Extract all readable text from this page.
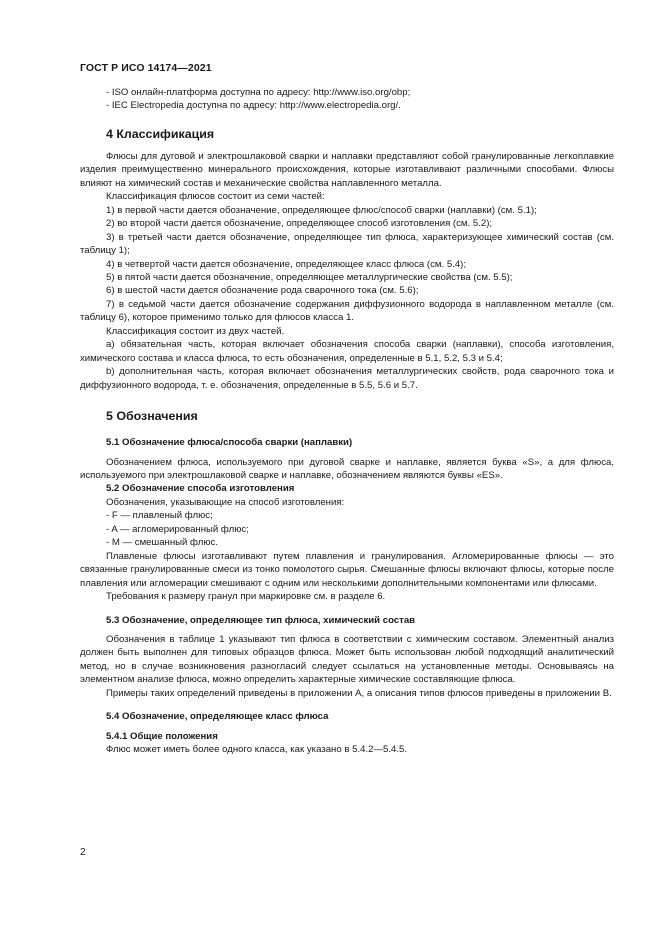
ГОСТ Р ИСО 14174—2021

- ISO онлайн-платформа доступна по адресу: http://www.iso.org/obp;

- IEC Electropedia доступна по адресу: http://www.electropedia.org/.

4 Классификация

Флюсы для дуговой и электрошлаковой сварки и наплавки представляют собой гранулированные легкоплавкие изделия преимущественно минерального происхождения, которые изготавливают различными способами. Флюсы влияют на химический состав и механические свойства наплавленного металла.

Классификация флюсов состоит из семи частей:

1) в первой части дается обозначение, определяющее флюс/способ сварки (наплавки) (см. 5.1);

2) во второй части дается обозначение, определяющее способ изготовления (см. 5.2);

3) в третьей части дается обозначение, определяющее тип флюса, характеризующее химический состав (см. таблицу 1);

4) в четвертой части дается обозначение, определяющее класс флюса (см. 5.4);

5) в пятой части дается обозначение, определяющее металлургические свойства (см. 5.5);

6) в шестой части дается обозначение рода сварочного тока (см. 5.6);

7) в седьмой части дается обозначение содержания диффузионного водорода в наплавленном металле (см. таблицу 6), которое применимо только для флюсов класса 1.

Классификация состоит из двух частей.

a) обязательная часть, которая включает обозначения способа сварки (наплавки), способа изготовления, химического состава и класса флюса, то есть обозначения, определенные в 5.1, 5.2, 5.3 и 5.4;

b) дополнительная часть, которая включает обозначения металлургических свойств, рода сварочного тока и диффузионного водорода, т. е. обозначения, определенные в 5.5, 5.6 и 5.7.

5 Обозначения
5.1 Обозначение флюса/способа сварки (наплавки)

Обозначением флюса, используемого при дуговой сварке и наплавке, является буква «S», а для флюса, используемого при электрошлаковой сварке и наплавке, обозначением являются буквы «ES».

5.2 Обозначение способа изготовления

Обозначения, указывающие на способ изготовления:

- F — плавленый флюс;

- A — агломерированный флюс;

- M — смешанный флюс.

Плавленые флюсы изготавливают путем плавления и гранулирования. Агломерированные флюсы — это связанные гранулированные смеси из тонко помолотого сырья. Смешанные флюсы включают флюсы, которые после плавления или агломерации смешивают с одним или несколькими дополнительными компонентами или флюсами.

Требования к размеру гранул при маркировке см. в разделе 6.

5.3 Обозначение, определяющее тип флюса, химический состав

Обозначения в таблице 1 указывают тип флюса в соответствии с химическим составом. Элементный анализ должен быть выполнен для типовых образцов флюса. Может быть использован любой подходящий аналитический метод, но в случае возникновения разногласий следует ссылаться на установленные методы. Основываясь на элементном анализе флюса, можно определить характерные химические составляющие флюса.

Примеры таких определений приведены в приложении А, а описания типов флюсов приведены в приложении В.

5.4 Обозначение, определяющее класс флюса
5.4.1 Общие положения

Флюс может иметь более одного класса, как указано в 5.4.2—5.4.5.

2
